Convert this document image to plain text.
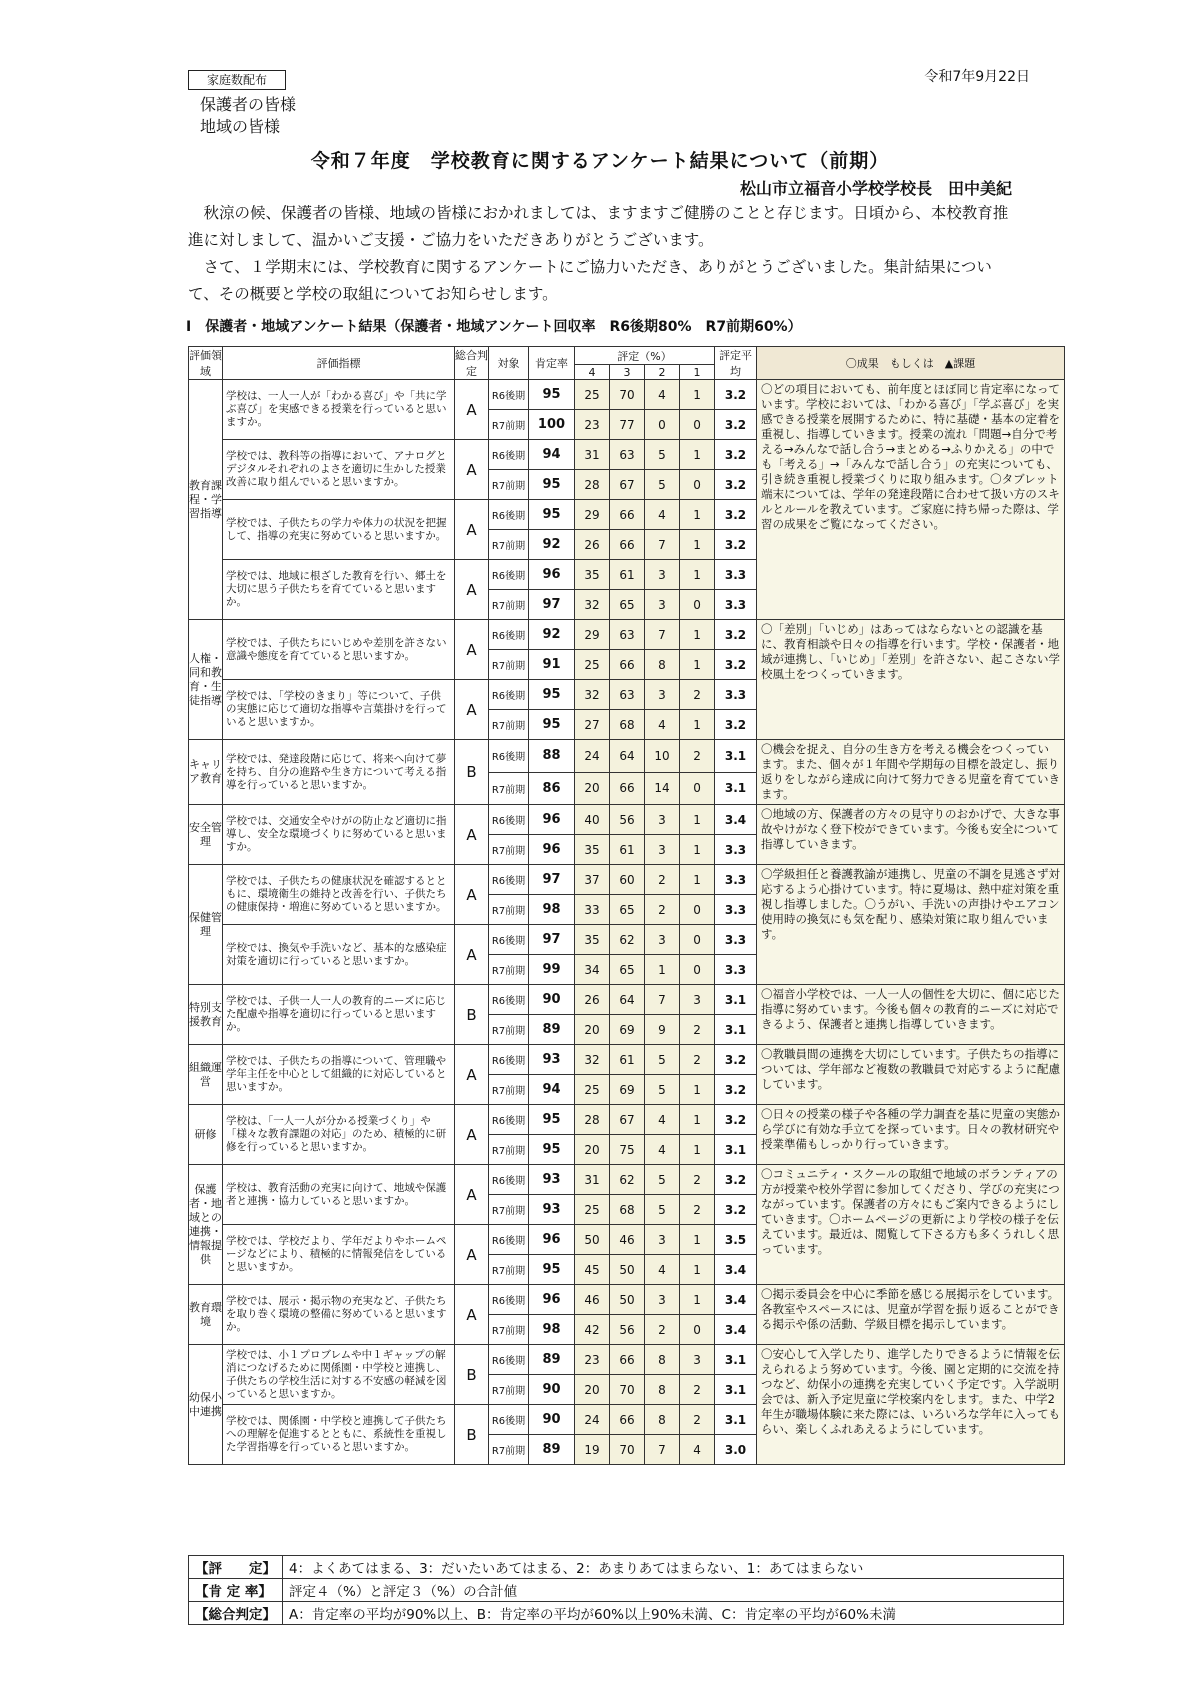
家庭数配布	令和7年9月22日
保護者の皆様
地域の皆様
令和７年度　学校教育に関するアンケート結果について（前期）
松山市立福音小学校学校長　田中美紀
秋涼の候、保護者の皆様、地域の皆様におかれましては、ますますご健勝のことと存じます。日頃から、本校教育推進に対しまして、温かいご支援・ご協力をいただきありがとうございます。
さて、１学期末には、学校教育に関するアンケートにご協力いただき、ありがとうございました。集計結果について、その概要と学校の取組についてお知らせします。
Ⅰ　保護者・地域アンケート結果（保護者・地域アンケート回収率　R6後期80%　R7前期60%）
評価領域	評価指標	総合判定	対象	肯定率	評定（%）				評定平均	〇成果　もしくは　▲課題
					4	3	2	1		
教育課程・学習指導	学校は、一人一人が「わかる喜び」や「共に学ぶ喜び」を実感できる授業を行っていると思いますか。	A	R6後期	95	25	70	4	1	3.2	〇どの項目においても、前年度とほぼ同じ肯定率になっています。学校においては、「わかる喜び」「学ぶ喜び」を実感できる授業を展開するために、特に基礎・基本の定着を重視し、指導していきます。授業の流れ「問題→自分で考える→みんなで話し合う→まとめる→ふりかえる」の中でも「考える」→「みんなで話し合う」の充実についても、引き続き重視し授業づくりに取り組みます。〇タブレット端末については、学年の発達段階に合わせて扱い方のスキルとルールを教えています。ご家庭に持ち帰った際は、学習の成果をご覧になってください。
			R7前期	100	23	77	0	0	3.2	
	学校では、教科等の指導において、アナログとデジタルそれぞれのよさを適切に生かした授業改善に取り組んでいると思いますか。	A	R6後期	94	31	63	5	1	3.2	
			R7前期	95	28	67	5	0	3.2	
	学校では、子供たちの学力や体力の状況を把握して、指導の充実に努めていると思いますか。	A	R6後期	95	29	66	4	1	3.2	
			R7前期	92	26	66	7	1	3.2	
	学校では、地域に根ざした教育を行い、郷土を大切に思う子供たちを育てていると思いますか。	A	R6後期	96	35	61	3	1	3.3	
			R7前期	97	32	65	3	0	3.3	
人権・同和教育・生徒指導	学校では、子供たちにいじめや差別を許さない意識や態度を育てていると思いますか。	A	R6後期	92	29	63	7	1	3.2	〇「差別」「いじめ」はあってはならないとの認識を基に、教育相談や日々の指導を行います。学校・保護者・地域が連携し、「いじめ」「差別」を許さない、起こさない学校風土をつくっていきます。
			R7前期	91	25	66	8	1	3.2	
	学校では、「学校のきまり」等について、子供の実態に応じて適切な指導や言葉掛けを行っていると思いますか。	A	R6後期	95	32	63	3	2	3.3	
			R7前期	95	27	68	4	1	3.2	
キャリア教育	学校では、発達段階に応じて、将来へ向けて夢を持ち、自分の進路や生き方について考える指導を行っていると思いますか。	B	R6後期	88	24	64	10	2	3.1	〇機会を捉え、自分の生き方を考える機会をつくっています。また、個々が１年間や学期毎の目標を設定し、振り返りをしながら達成に向けて努力できる児童を育てていきます。
			R7前期	86	20	66	14	0	3.1	
安全管理	学校では、交通安全やけがの防止など適切に指導し、安全な環境づくりに努めていると思いますか。	A	R6後期	96	40	56	3	1	3.4	〇地域の方、保護者の方々の見守りのおかげで、大きな事故やけがなく登下校ができています。今後も安全について指導していきます。
			R7前期	96	35	61	3	1	3.3	
保健管理	学校では、子供たちの健康状況を確認するとともに、環境衛生の維持と改善を行い、子供たちの健康保持・増進に努めていると思いますか。	A	R6後期	97	37	60	2	1	3.3	〇学級担任と養護教諭が連携し、児童の不調を見逃さず対応するよう心掛けています。特に夏場は、熱中症対策を重視し指導しました。〇うがい、手洗いの声掛けやエアコン使用時の換気にも気を配り、感染対策に取り組んでいます。
			R7前期	98	33	65	2	0	3.3	
	学校では、換気や手洗いなど、基本的な感染症対策を適切に行っていると思いますか。	A	R6後期	97	35	62	3	0	3.3	
			R7前期	99	34	65	1	0	3.3	
特別支援教育	学校では、子供一人一人の教育的ニーズに応じた配慮や指導を適切に行っていると思いますか。	B	R6後期	90	26	64	7	3	3.1	〇福音小学校では、一人一人の個性を大切に、個に応じた指導に努めています。今後も個々の教育的ニーズに対応できるよう、保護者と連携し指導していきます。
			R7前期	89	20	69	9	2	3.1	
組織運営	学校では、子供たちの指導について、管理職や学年主任を中心として組織的に対応していると思いますか。	A	R6後期	93	32	61	5	2	3.2	〇教職員間の連携を大切にしています。子供たちの指導については、学年部など複数の教職員で対応するように配慮しています。
			R7前期	94	25	69	5	1	3.2	
研修	学校は、「一人一人が分かる授業づくり」や「様々な教育課題の対応」のため、積極的に研修を行っていると思いますか。	A	R6後期	95	28	67	4	1	3.2	〇日々の授業の様子や各種の学力調査を基に児童の実態から学びに有効な手立てを探っています。日々の教材研究や授業準備もしっかり行っていきます。
			R7前期	95	20	75	4	1	3.1	
保護者・地域との連携・情報提供	学校は、教育活動の充実に向けて、地域や保護者と連携・協力していると思いますか。	A	R6後期	93	31	62	5	2	3.2	〇コミュニティ・スクールの取組で地域のボランティアの方が授業や校外学習に参加してくださり、学びの充実につながっています。保護者の方々にもご案内できるようにしていきます。〇ホームページの更新により学校の様子を伝えています。最近は、閲覧して下さる方も多くうれしく思っています。
			R7前期	93	25	68	5	2	3.2	
	学校では、学校だより、学年だよりやホームページなどにより、積極的に情報発信をしていると思いますか。	A	R6後期	96	50	46	3	1	3.5	
			R7前期	95	45	50	4	1	3.4	
教育環境	学校では、展示・掲示物の充実など、子供たちを取り巻く環境の整備に努めていると思いますか。	A	R6後期	96	46	50	3	1	3.4	〇掲示委員会を中心に季節を感じる展掲示をしています。各教室やスペースには、児童が学習を振り返ることができる掲示や係の活動、学級目標を掲示しています。
			R7前期	98	42	56	2	0	3.4	
幼保小中連携	学校では、小１プロブレムや中１ギャップの解消につなげるために関係園・中学校と連携し、子供たちの学校生活に対する不安感の軽減を図っていると思いますか。	B	R6後期	89	23	66	8	3	3.1	〇安心して入学したり、進学したりできるように情報を伝えられるよう努めています。今後、園と定期的に交流を持つなど、幼保小の連携を充実していく予定です。入学説明会では、新入予定児童に学校案内をします。また、中学2年生が職場体験に来た際には、いろいろな学年に入ってもらい、楽しくふれあえるようにしています。
			R7前期	90	20	70	8	2	3.1	
	学校では、関係園・中学校と連携して子供たちへの理解を促進するとともに、系統性を重視した学習指導を行っていると思いますか。	B	R6後期	90	24	66	8	2	3.1	
			R7前期	89	19	70	7	4	3.0	
【評　　定】	4：よくあてはまる、3：だいたいあてはまる、2：あまりあてはまらない、1：あてはまらない
【肯 定 率】	評定４（%）と評定３（%）の合計値
【総合判定】	A：肯定率の平均が90%以上、B：肯定率の平均が60%以上90%未満、C：肯定率の平均が60%未満
